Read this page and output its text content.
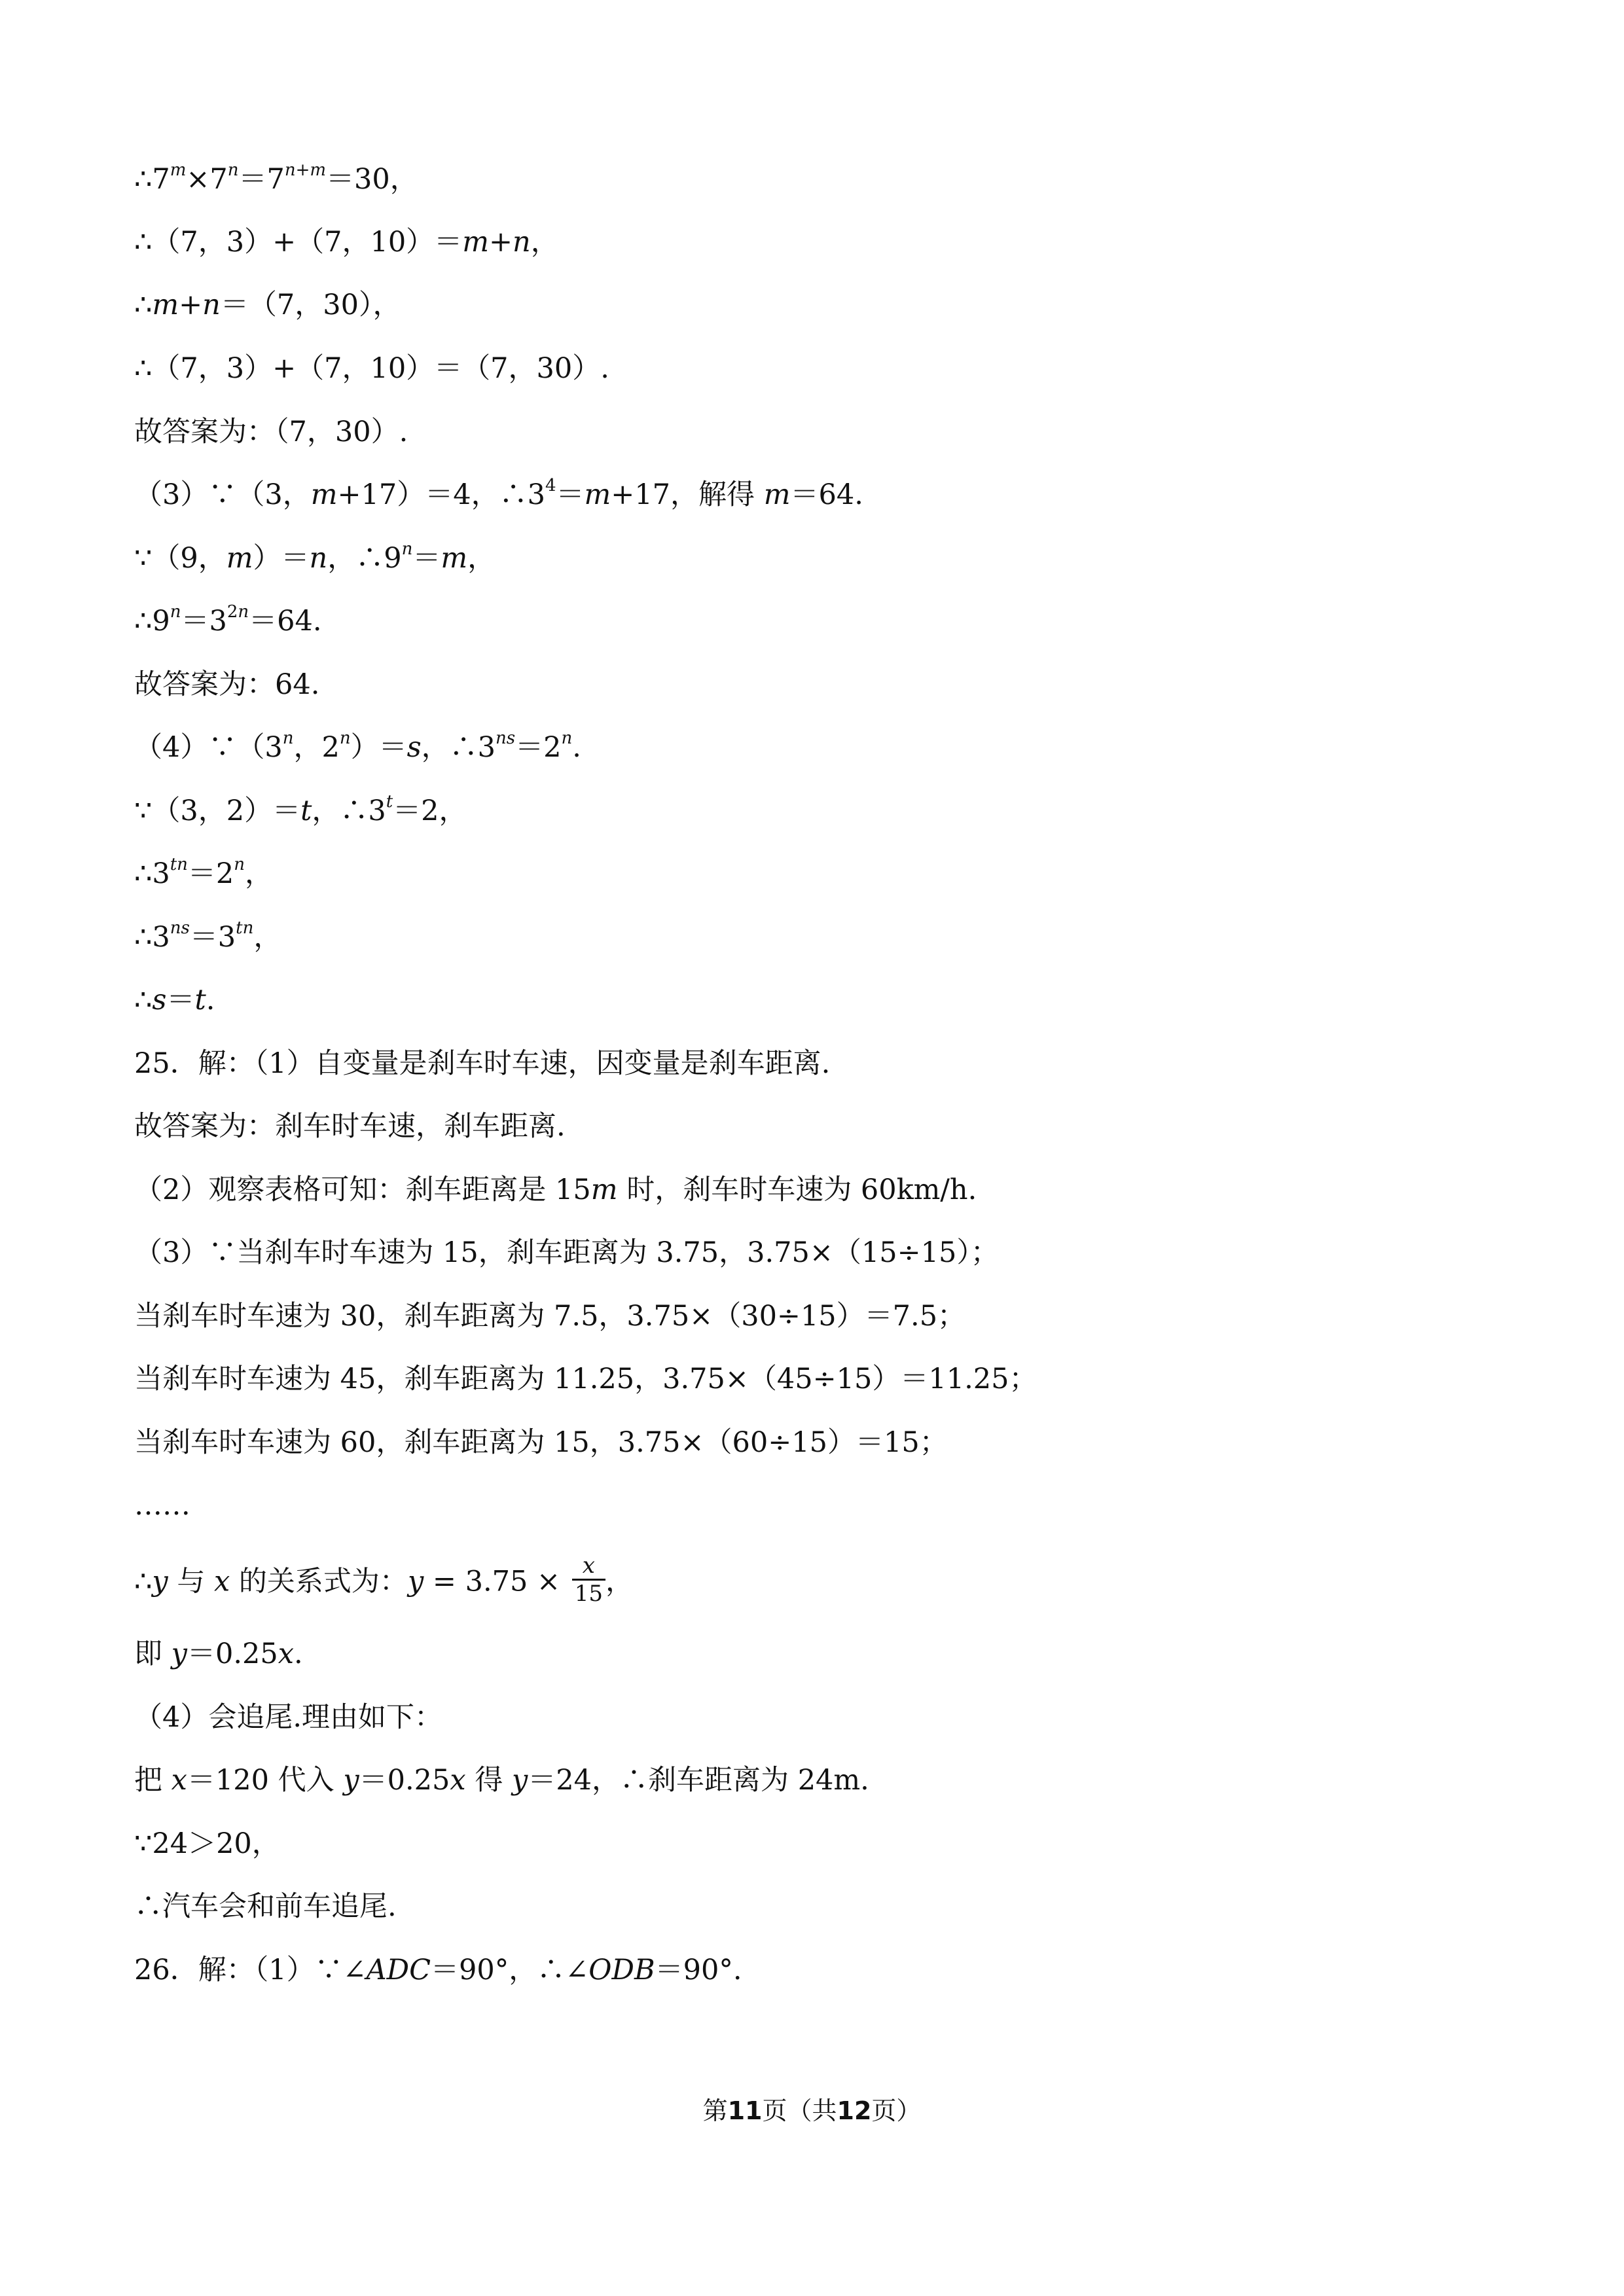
$\therefore 7^m\times 7^n=7^{n+m}=30$，
∴（7，3）+（7，10）＝m+n，
∴m+n＝（7，30），
∴（7，3）+（7，10）＝（7，30）.
故答案为：（7，30）.
（3）∵（3，m+17）＝4，$\therefore 3^4=m+17$，解得 m＝64.
∵（9，m）＝n，$\therefore 9^n=m$，
$\therefore 9^n=3^{2n}=64$.
故答案为：64.
（4）∵（3$^n$，$2^n)=s$，$\therefore 3^{ns}=2^n$.
∵（3，2）＝t，$\therefore 3^t=2$，
$\therefore 3^{tn}=2^n$，
$\therefore 3^{ns}=3^{tn}$，
∴s＝t.
25．解：（1）自变量是刹车时车速，因变量是刹车距离.
故答案为：刹车时车速，刹车距离.
（2）观察表格可知：刹车距离是 15m 时，刹车时车速为 60km/h.
（3）∵当刹车时车速为 15，刹车距离为 3.75，3.75×（15÷15）；
当刹车时车速为 30，刹车距离为 7.5，3.75×（30÷15）＝7.5；
当刹车时车速为 45，刹车距离为 11.25，3.75×（45÷15）＝11.25；
当刹车时车速为 60，刹车距离为 15，3.75×（60÷15）＝15；
……
∴y 与 x 的关系式为：$y = 3.75 \times \frac{x}{15}$ ，
即 y＝0.25x.
（4）会追尾.理由如下：
把 x＝120 代入 y＝0.25x 得 y＝24，∴刹车距离为 24m.
∵24＞20，
∴汽车会和前车追尾.
26．解：（1）∵∠ADC＝90°，∴∠ODB＝90°.
第11页（共12页）
